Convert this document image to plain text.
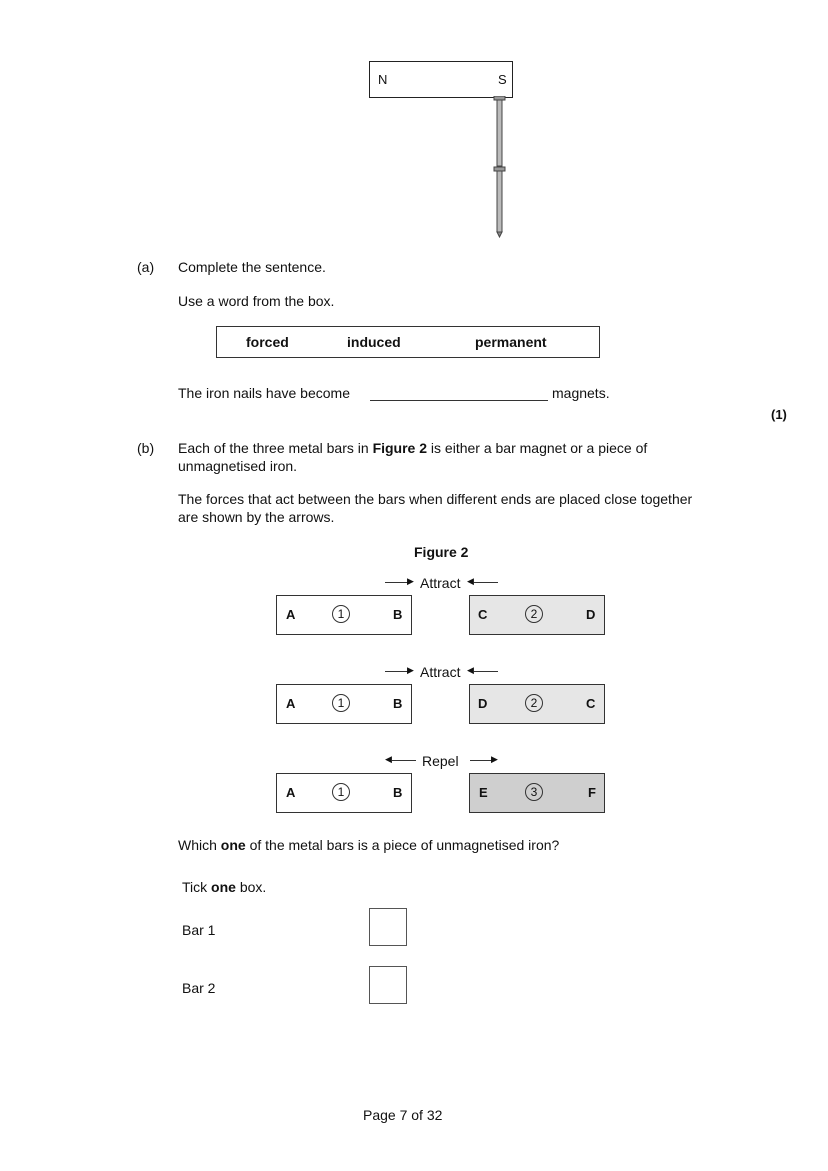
N	S
(a) Complete the sentence.
Use a word from the box.
forced	induced	permanent
The iron nails have become	magnets.
(1)
(b) Each of the three metal bars in Figure 2 is either a bar magnet or a piece of
unmagnetised iron.
The forces that act between the bars when different ends are placed close together
are shown by the arrows.
Figure 2
▶ Attract ◀
A	1	B	C	2	D
▶ Attract ◀
A	1	B	D	2	C
◀ Repel	▶
A	1	B	E	3	F
Which one of the metal bars is a piece of unmagnetised iron?
Tick one box.
Bar 1
Bar 2
Page 7 of 32
